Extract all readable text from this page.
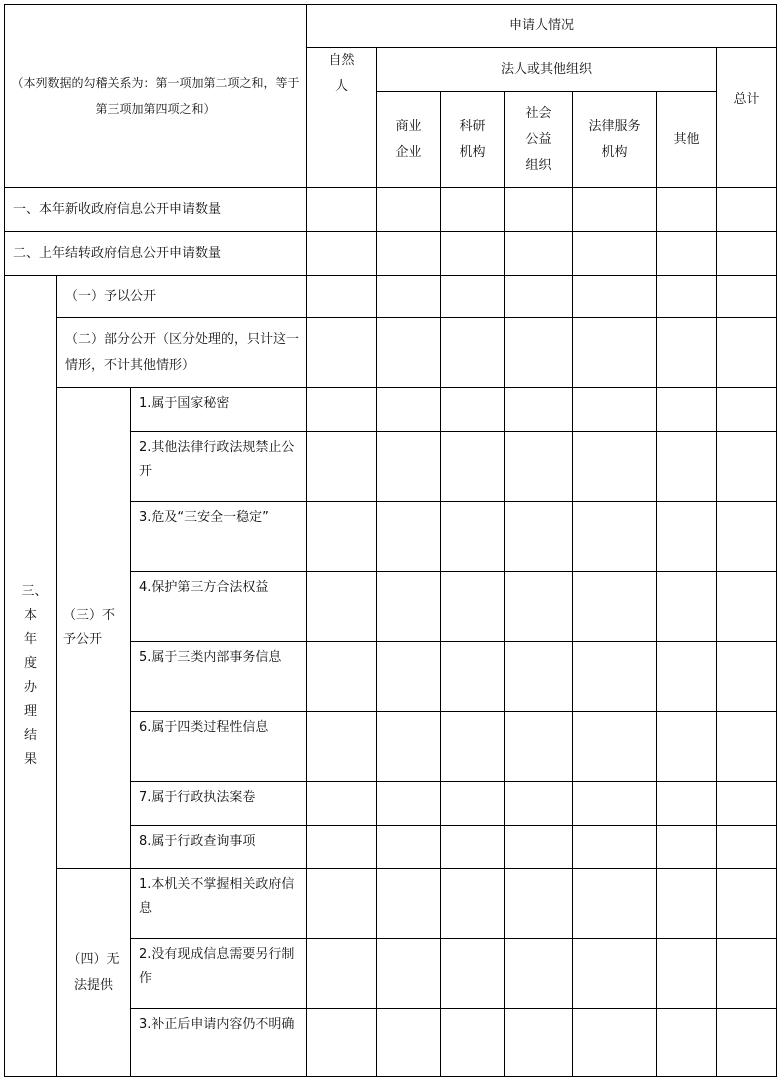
（本列数据的勾稽关系为：第一项加第二项之和，等于第三项加第四项之和）			申请人情况						

			自然人	法人或其他组织					总计

				商业企业	科研机构	社会公益组织	法律服务机构	其他	
一、本年新收政府信息公开申请数量									
二、上年结转政府信息公开申请数量									
三、本年度办理结果	（一）予以公开								
	（二）部分公开（区分处理的，只计这一情形，不计其他情形）								
	（三）不予公开	1.属于国家秘密							
		2.其他法律行政法规禁止公开							
		3.危及“三安全一稳定”							
		4.保护第三方合法权益							
		5.属于三类内部事务信息							
		6.属于四类过程性信息							
		7.属于行政执法案卷							
		8.属于行政查询事项							
	（四）无法提供	1.本机关不掌握相关政府信息							
		2.没有现成信息需要另行制作							
		3.补正后申请内容仍不明确							
